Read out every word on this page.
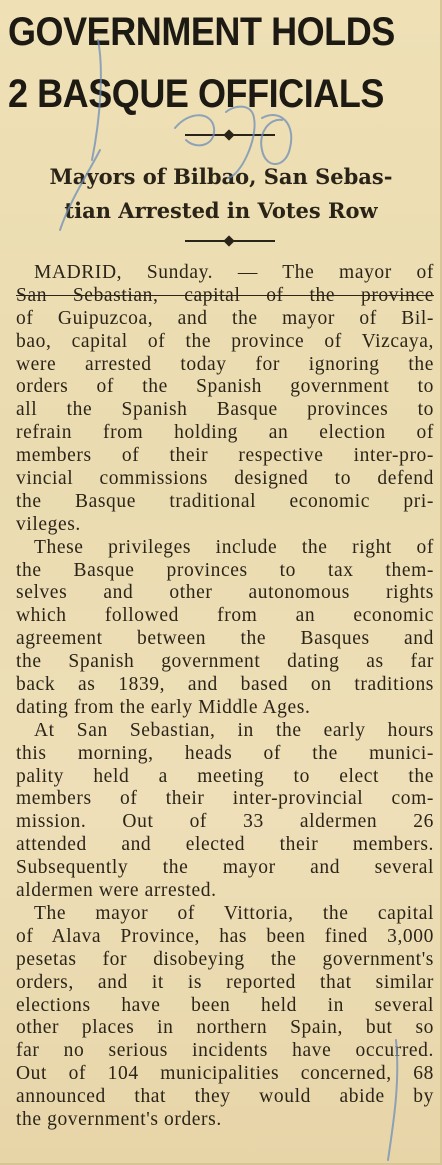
GOVERNMENT HOLDS
2 BASQUE OFFICIALS
Mayors of Bilbao, San Sebas-
tian Arrested in Votes Row
MADRID, Sunday. — The mayor of
San Sebastian, capital of the province
of Guipuzcoa, and the mayor of Bil-
bao, capital of the province of Vizcaya,
were arrested today for ignoring the
orders of the Spanish government to
all the Spanish Basque provinces to
refrain from holding an election of
members of their respective inter-pro-
vincial commissions designed to defend
the Basque traditional economic pri-
vileges.
These privileges include the right of
the Basque provinces to tax them-
selves and other autonomous rights
which followed from an economic
agreement between the Basques and
the Spanish government dating as far
back as 1839, and based on traditions
dating from the early Middle Ages.
At San Sebastian, in the early hours
this morning, heads of the munici-
pality held a meeting to elect the
members of their inter-provincial com-
mission. Out of 33 aldermen 26
attended and elected their members.
Subsequently the mayor and several
aldermen were arrested.
The mayor of Vittoria, the capital
of Alava Province, has been fined 3,000
pesetas for disobeying the government's
orders, and it is reported that similar
elections have been held in several
other places in northern Spain, but so
far no serious incidents have occurred.
Out of 104 municipalities concerned, 68
announced that they would abide by
the government's orders.
1/30
